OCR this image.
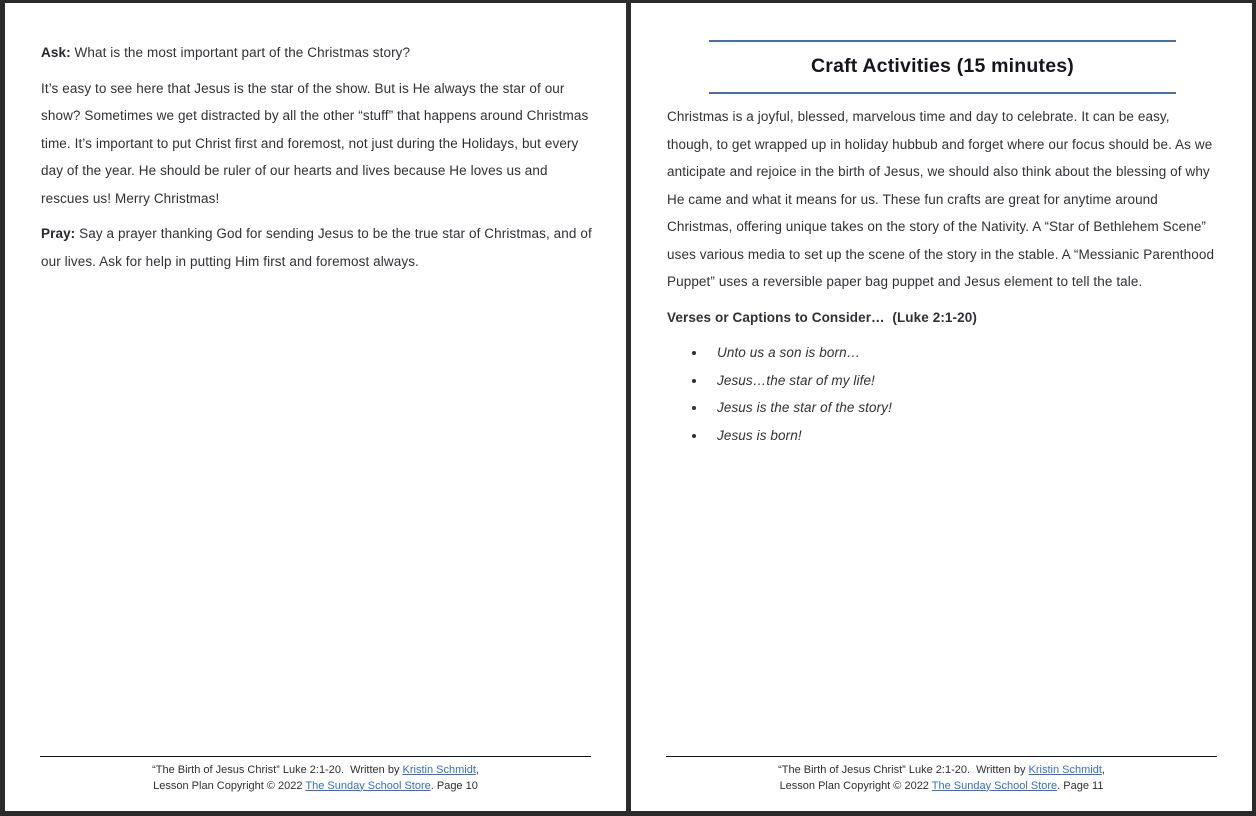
Ask: What is the most important part of the Christmas story?

It’s easy to see here that Jesus is the star of the show. But is He always the star of our show? Sometimes we get distracted by all the other “stuff” that happens around Christmas time. It’s important to put Christ first and foremost, not just during the Holidays, but every day of the year. He should be ruler of our hearts and lives because He loves us and rescues us! Merry Christmas!

Pray: Say a prayer thanking God for sending Jesus to be the true star of Christmas, and of our lives. Ask for help in putting Him first and foremost always.

“The Birth of Jesus Christ” Luke 2:1-20.  Written by Kristin Schmidt,
Lesson Plan Copyright © 2022 The Sunday School Store. Page 10
Craft Activities (15 minutes)

Christmas is a joyful, blessed, marvelous time and day to celebrate. It can be easy, though, to get wrapped up in holiday hubbub and forget where our focus should be. As we anticipate and rejoice in the birth of Jesus, we should also think about the blessing of why He came and what it means for us. These fun crafts are great for anytime around Christmas, offering unique takes on the story of the Nativity. A “Star of Bethlehem Scene” uses various media to set up the scene of the story in the stable. A “Messianic Parenthood Puppet” uses a reversible paper bag puppet and Jesus element to tell the tale.

Verses or Captions to Consider…  (Luke 2:1-20)

• Unto us a son is born…
• Jesus…the star of my life!
• Jesus is the star of the story!
• Jesus is born!
“The Birth of Jesus Christ” Luke 2:1-20.  Written by Kristin Schmidt,
Lesson Plan Copyright © 2022 The Sunday School Store. Page 11
